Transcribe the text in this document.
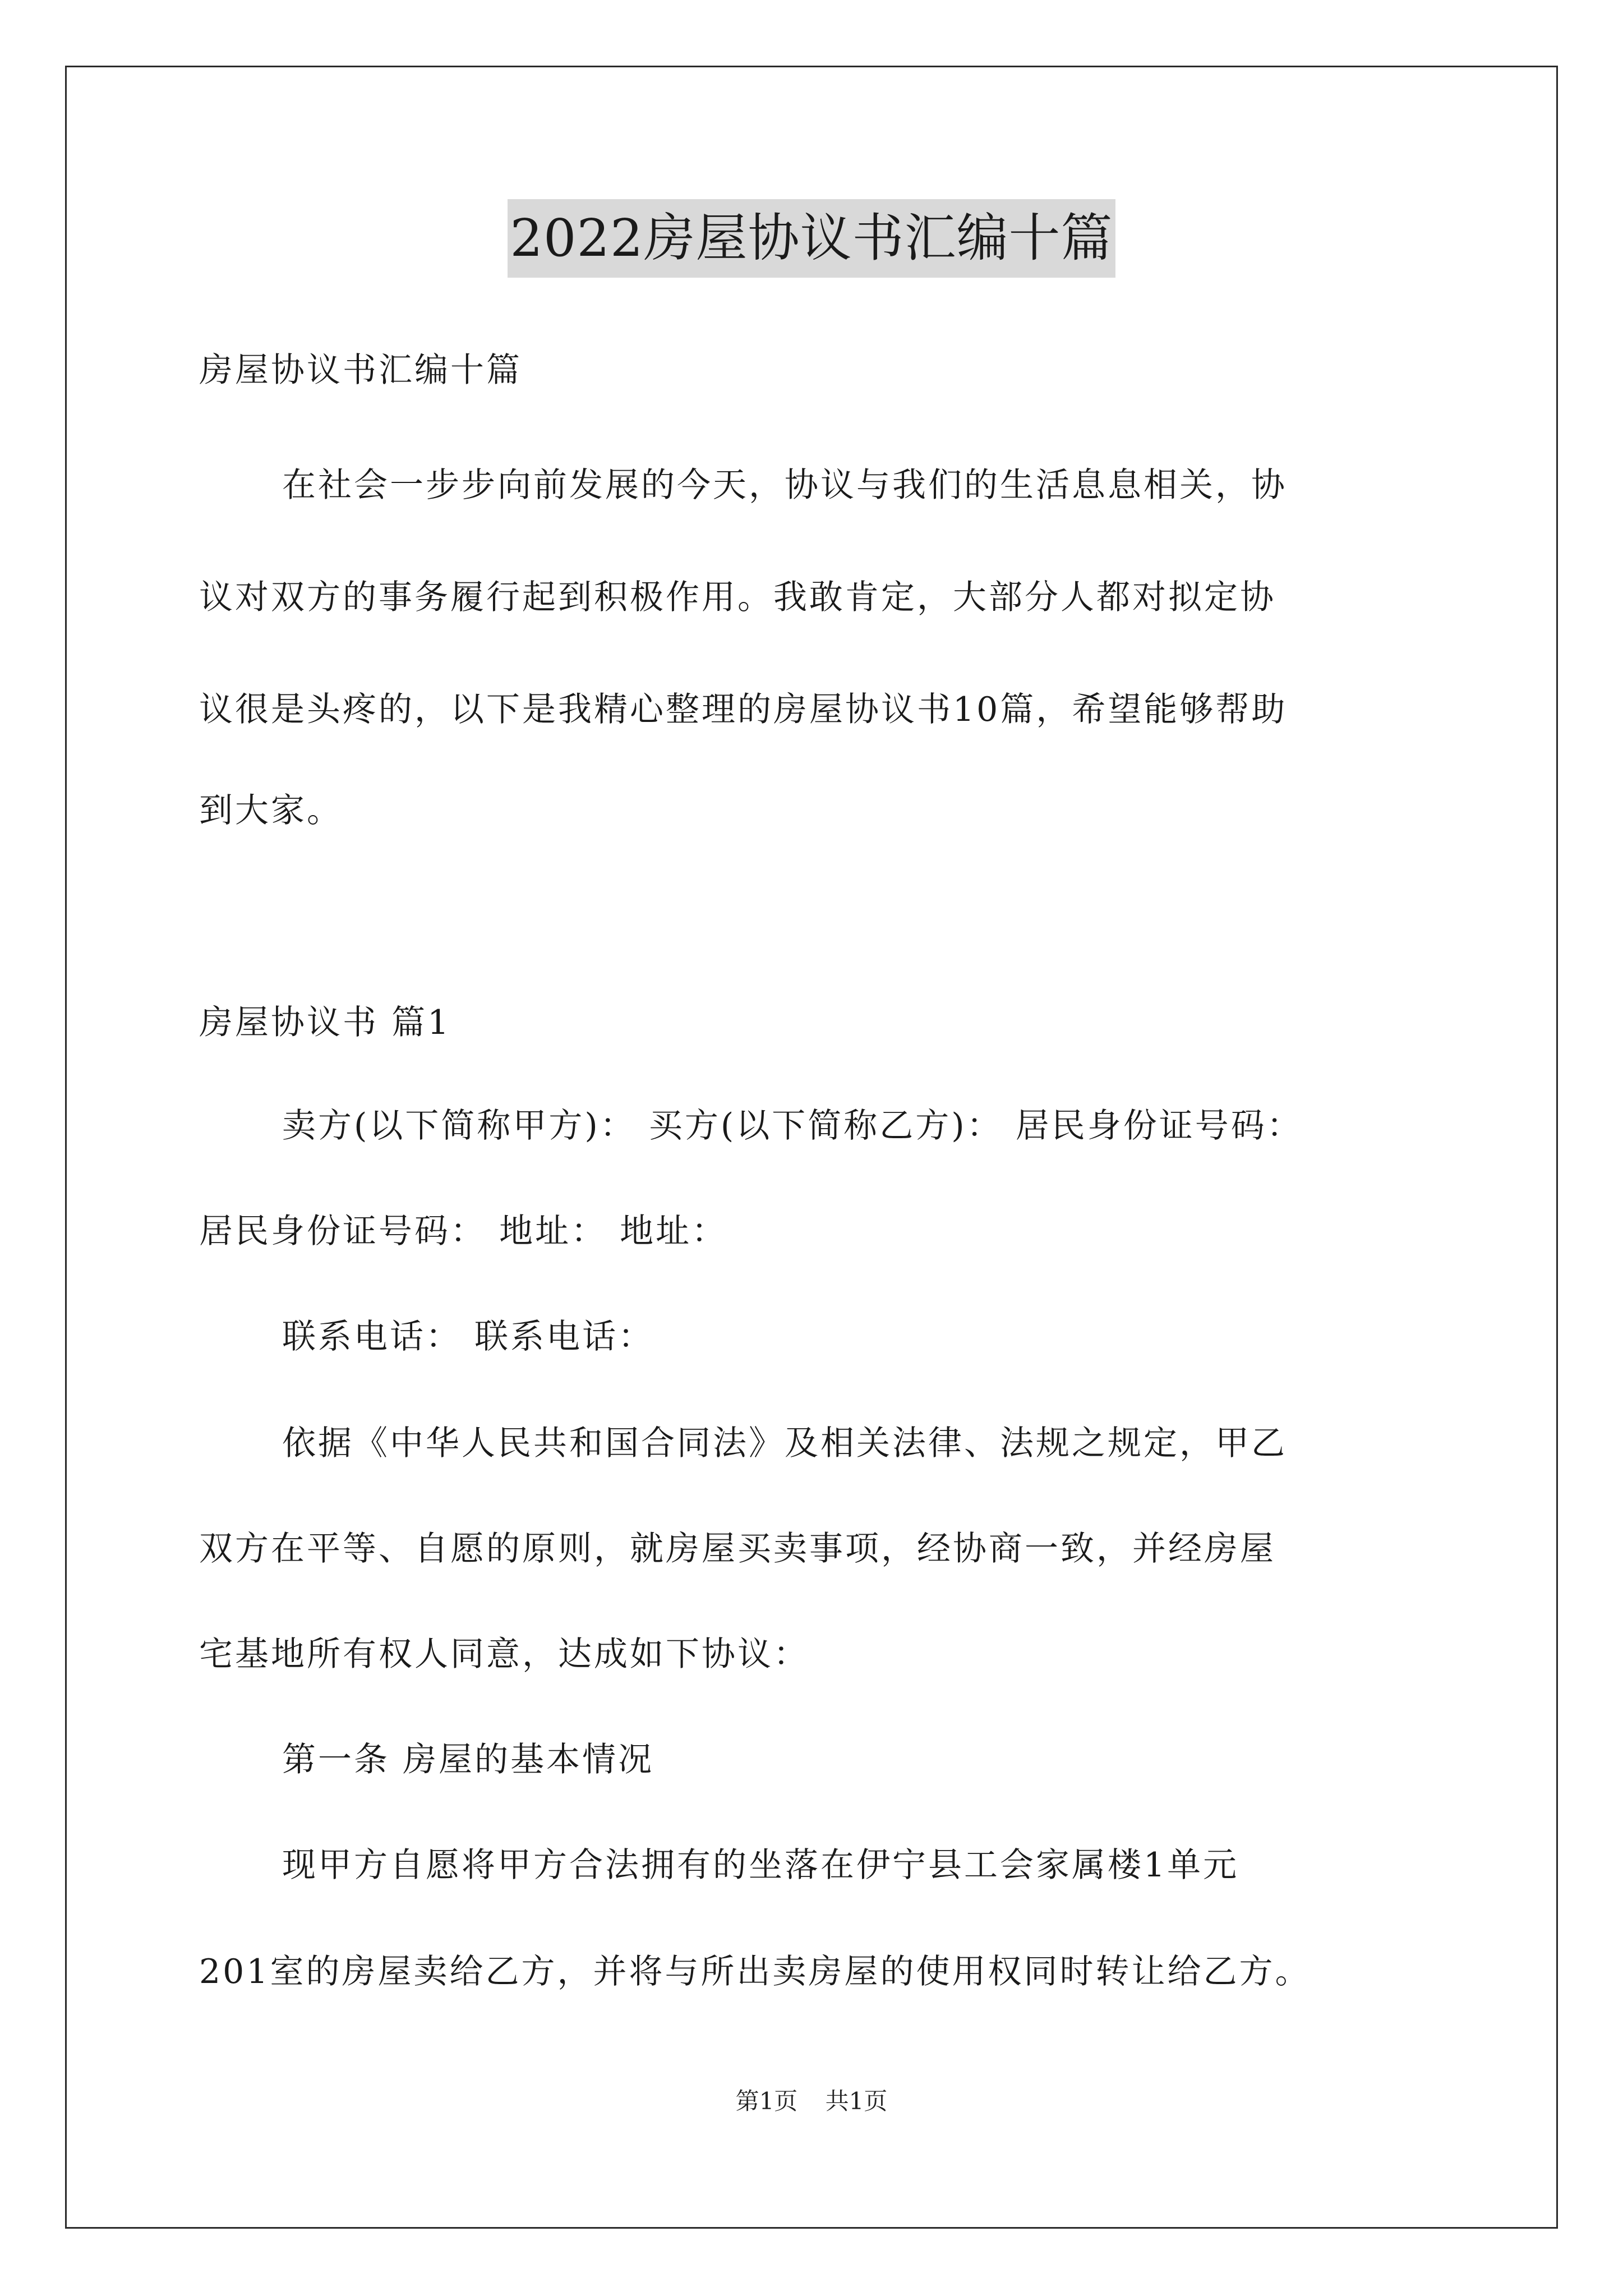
2022房屋协议书汇编十篇
房屋协议书汇编十篇
在社会一步步向前发展的今天，协议与我们的生活息息相关，协
议对双方的事务履行起到积极作用。我敢肯定，大部分人都对拟定协
议很是头疼的，以下是我精心整理的房屋协议书10篇，希望能够帮助
到大家。
房屋协议书 篇1
卖方(以下简称甲方)： 买方(以下简称乙方)： 居民身份证号码：
居民身份证号码： 地址： 地址：
联系电话： 联系电话：
依据《中华人民共和国合同法》及相关法律、法规之规定，甲乙
双方在平等、自愿的原则，就房屋买卖事项，经协商一致，并经房屋
宅基地所有权人同意，达成如下协议：
第一条 房屋的基本情况
现甲方自愿将甲方合法拥有的坐落在伊宁县工会家属楼1单元
201室的房屋卖给乙方，并将与所出卖房屋的使用权同时转让给乙方。
第1页 共1页
